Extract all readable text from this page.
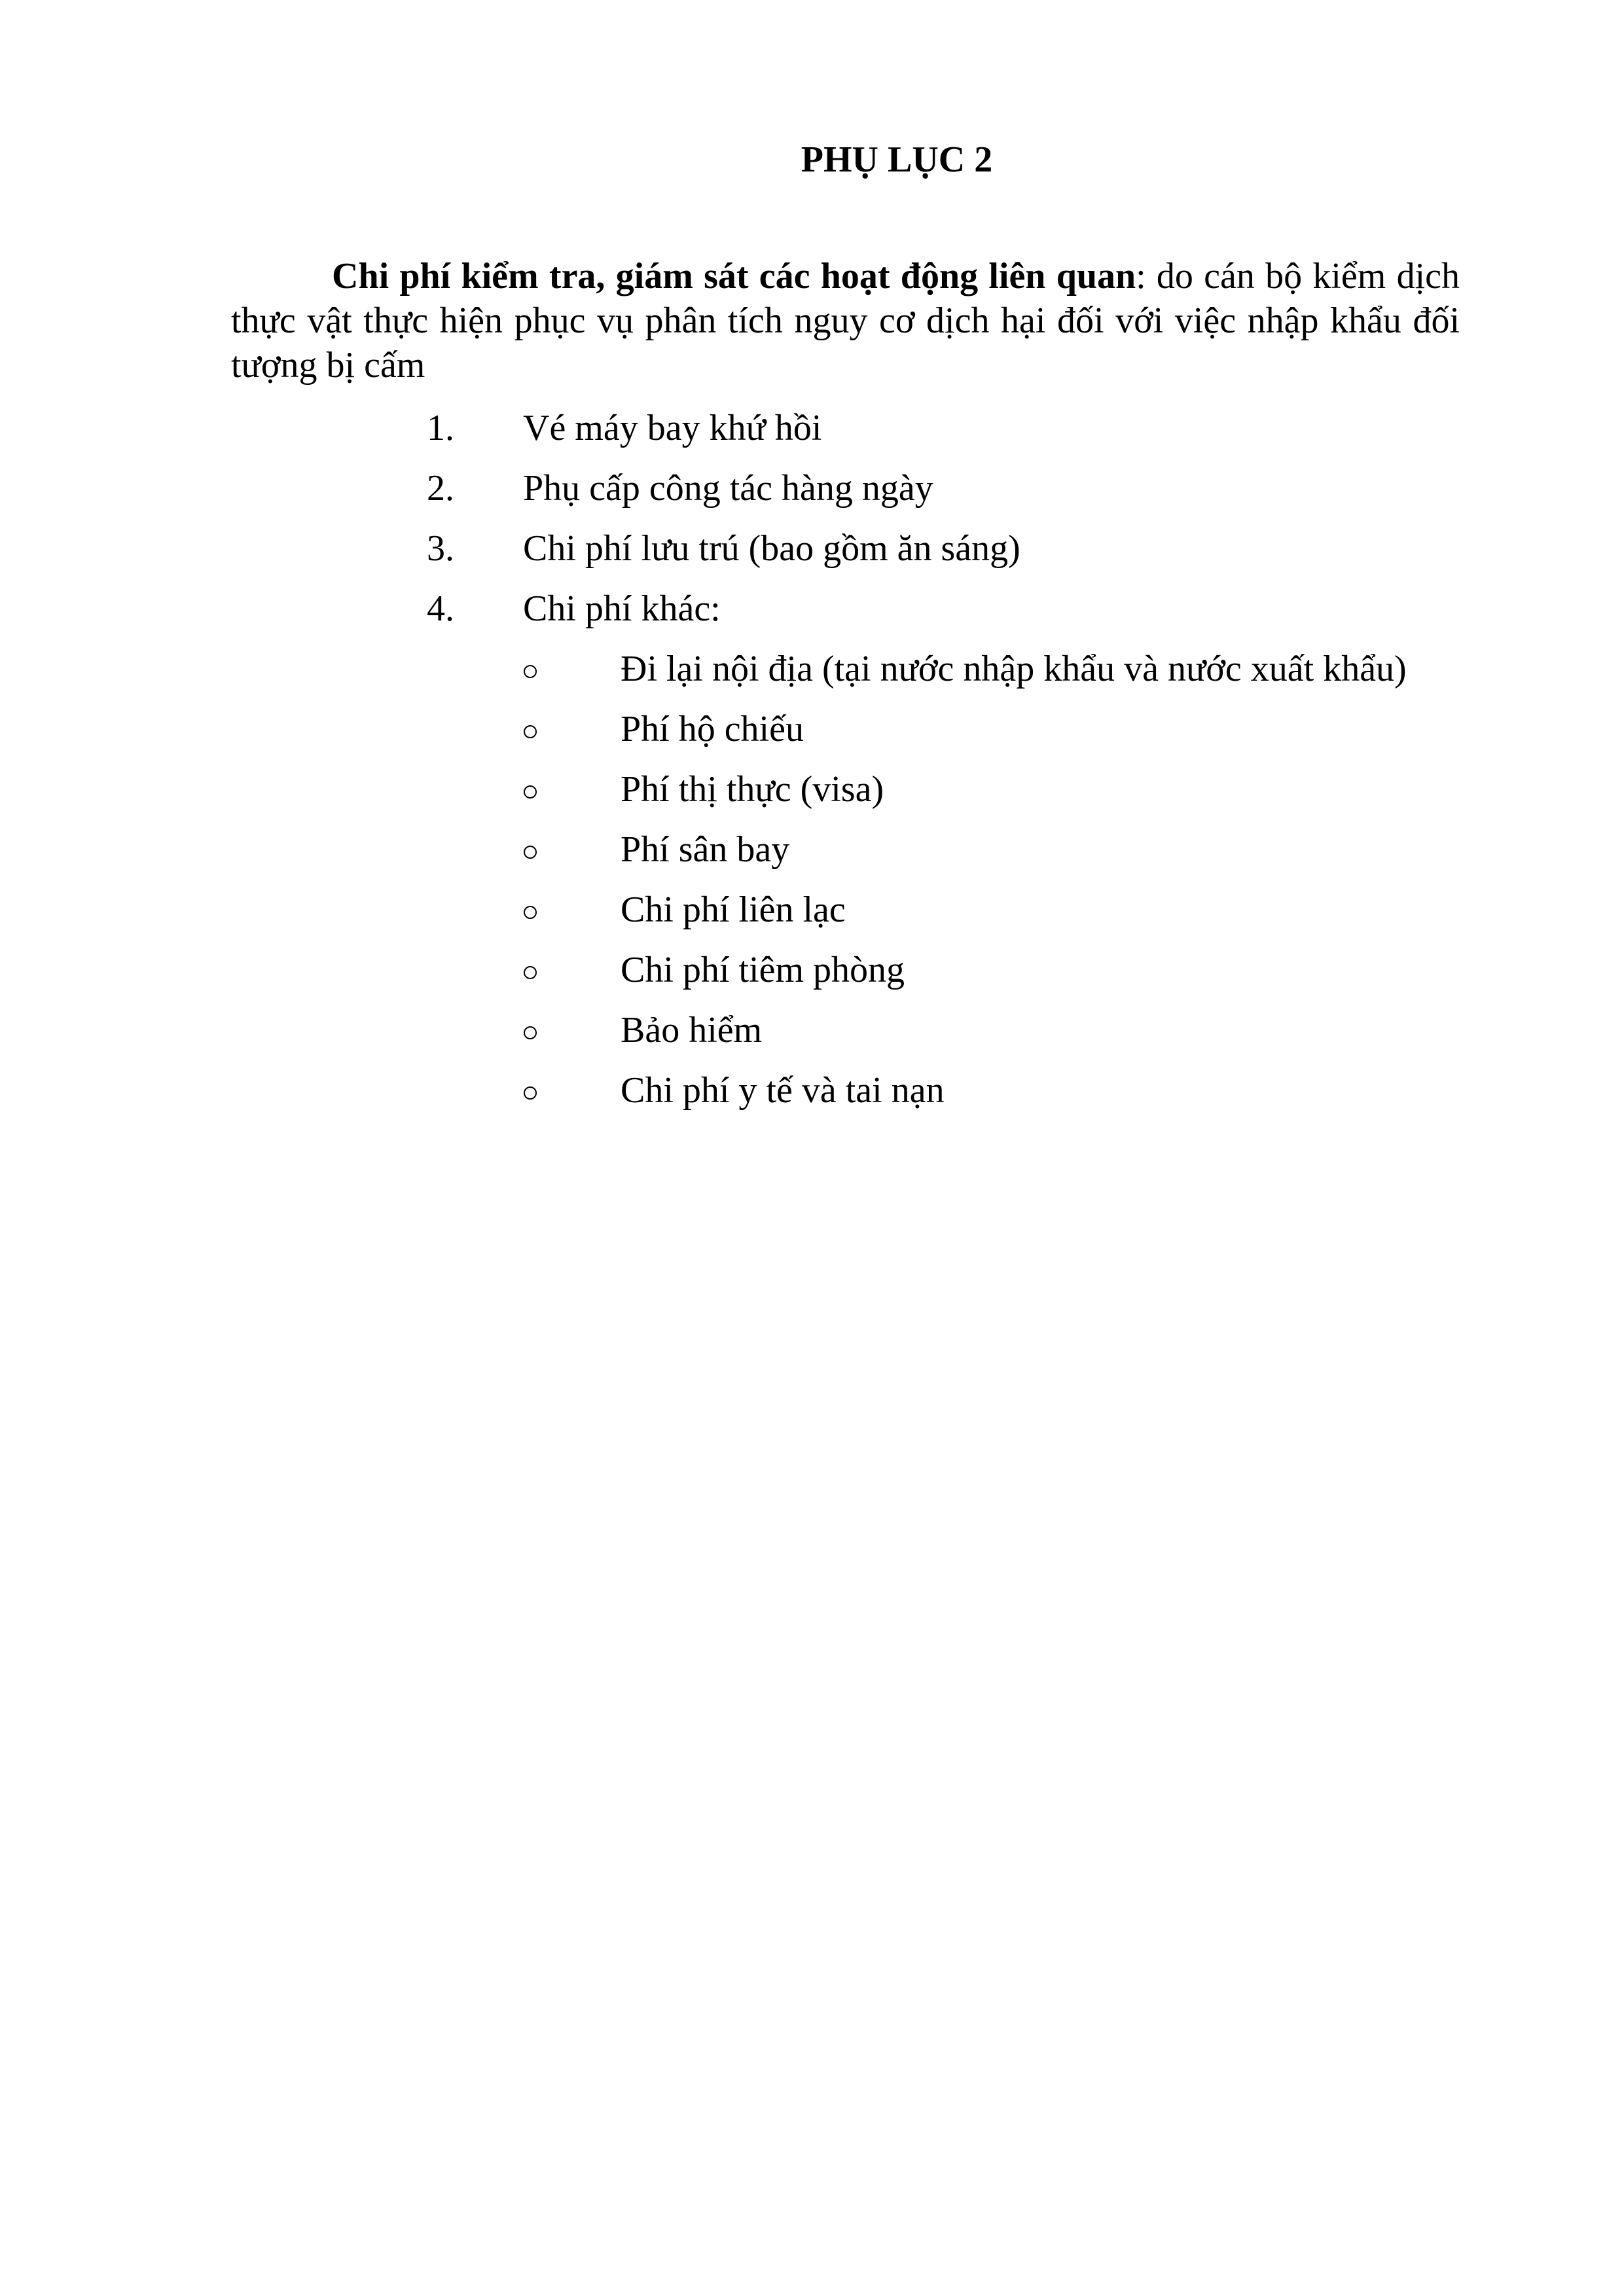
PHỤ LỤC 2

Chi phí kiểm tra, giám sát các hoạt động liên quan: do cán bộ kiểm dịch thực vật thực hiện phục vụ phân tích nguy cơ dịch hại đối với việc nhập khẩu đối tượng bị cấm

1. Vé máy bay khứ hồi
2. Phụ cấp công tác hàng ngày
3. Chi phí lưu trú (bao gồm ăn sáng)
4. Chi phí khác:
Đi lại nội địa (tại nước nhập khẩu và nước xuất khẩu)
Phí hộ chiếu
Phí thị thực (visa)
Phí sân bay
Chi phí liên lạc
Chi phí tiêm phòng
Bảo hiểm
Chi phí y tế và tai nạn
